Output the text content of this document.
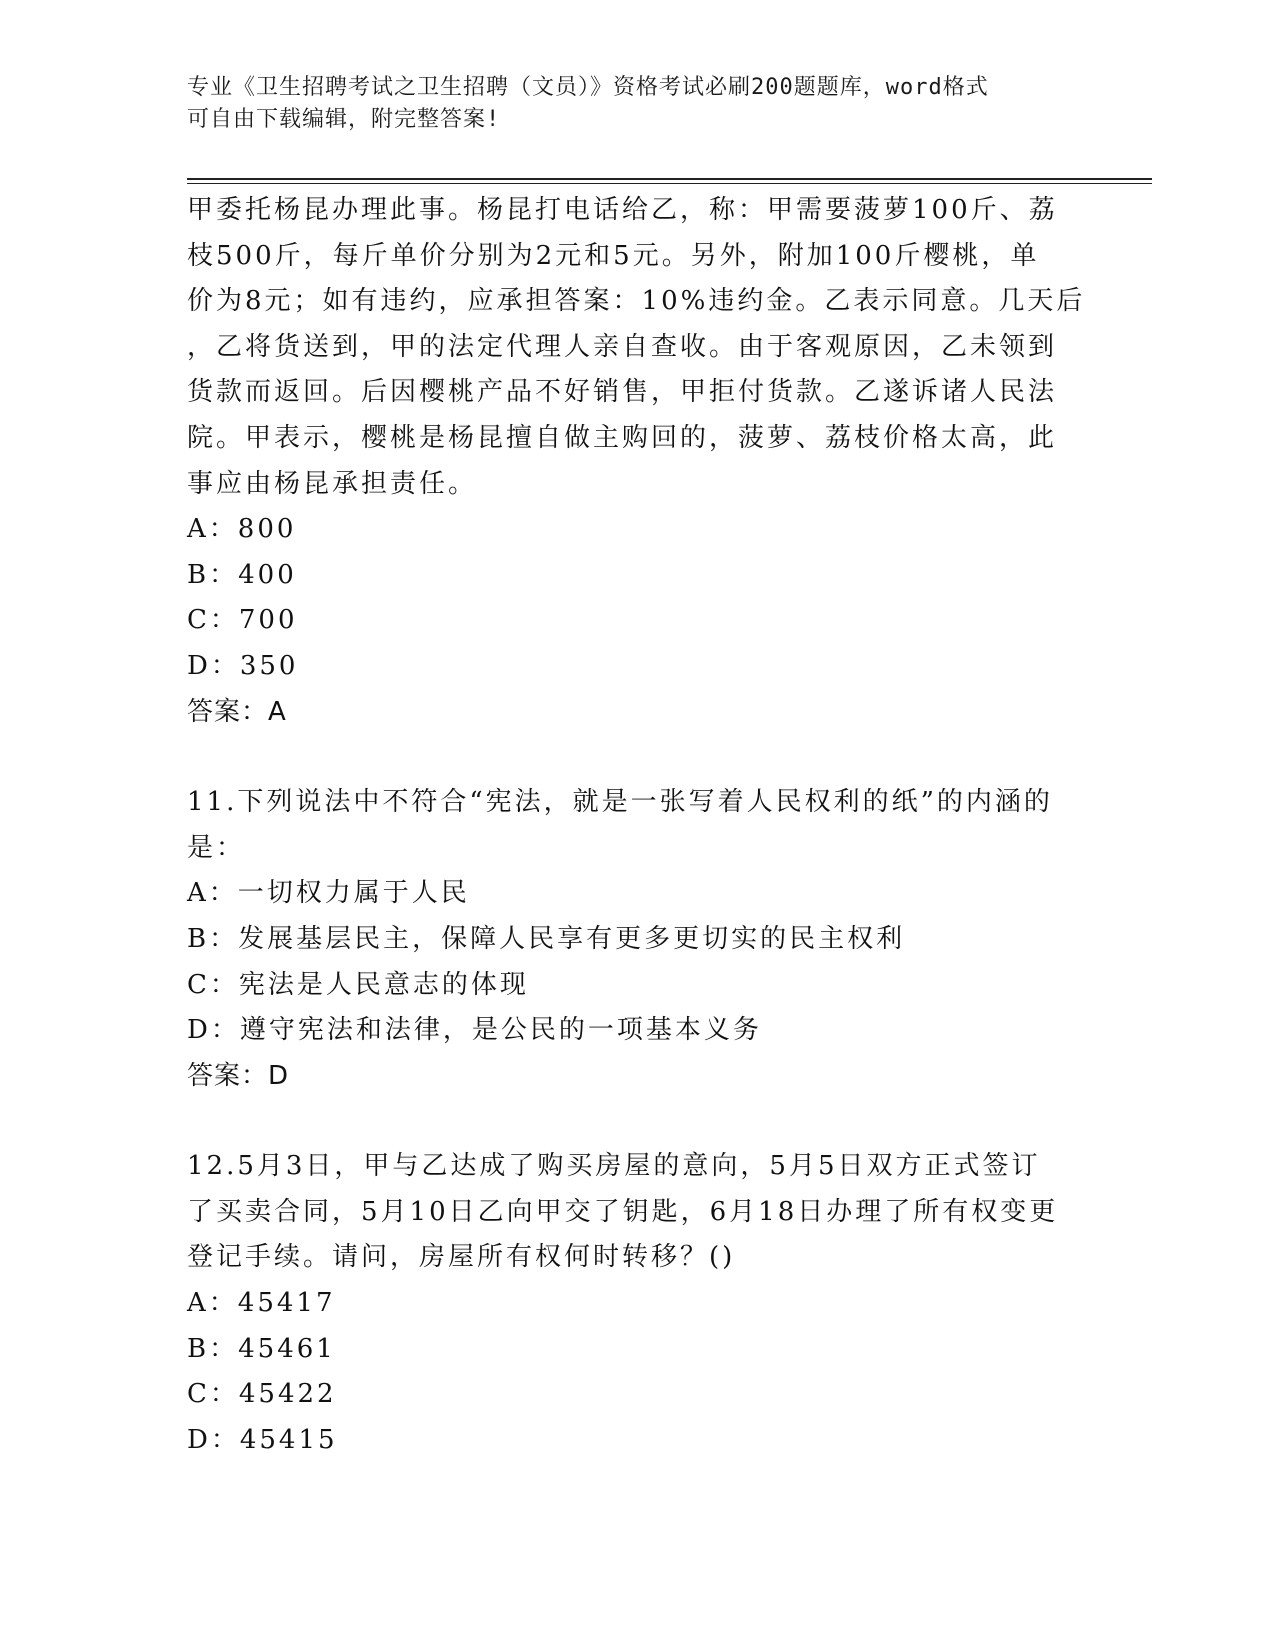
专业《卫生招聘考试之卫生招聘（文员）》资格考试必刷200题题库，word格式
可自由下载编辑，附完整答案!
甲委托杨昆办理此事。杨昆打电话给乙，称：甲需要菠萝100斤、荔
枝500斤，每斤单价分别为2元和5元。另外，附加100斤樱桃，单
价为8元；如有违约，应承担答案：10%违约金。乙表示同意。几天后
，乙将货送到，甲的法定代理人亲自查收。由于客观原因，乙未领到
货款而返回。后因樱桃产品不好销售，甲拒付货款。乙遂诉诸人民法
院。甲表示，樱桃是杨昆擅自做主购回的，菠萝、荔枝价格太高，此
事应由杨昆承担责任。
A：800
B：400
C：700
D：350
答案：A
11.下列说法中不符合“宪法，就是一张写着人民权利的纸”的内涵的
是：
A：一切权力属于人民
B：发展基层民主，保障人民享有更多更切实的民主权利
C：宪法是人民意志的体现
D：遵守宪法和法律，是公民的一项基本义务
答案：D
12.5月3日，甲与乙达成了购买房屋的意向，5月5日双方正式签订
了买卖合同，5月10日乙向甲交了钥匙，6月18日办理了所有权变更
登记手续。请问，房屋所有权何时转移？()
A：45417
B：45461
C：45422
D：45415
